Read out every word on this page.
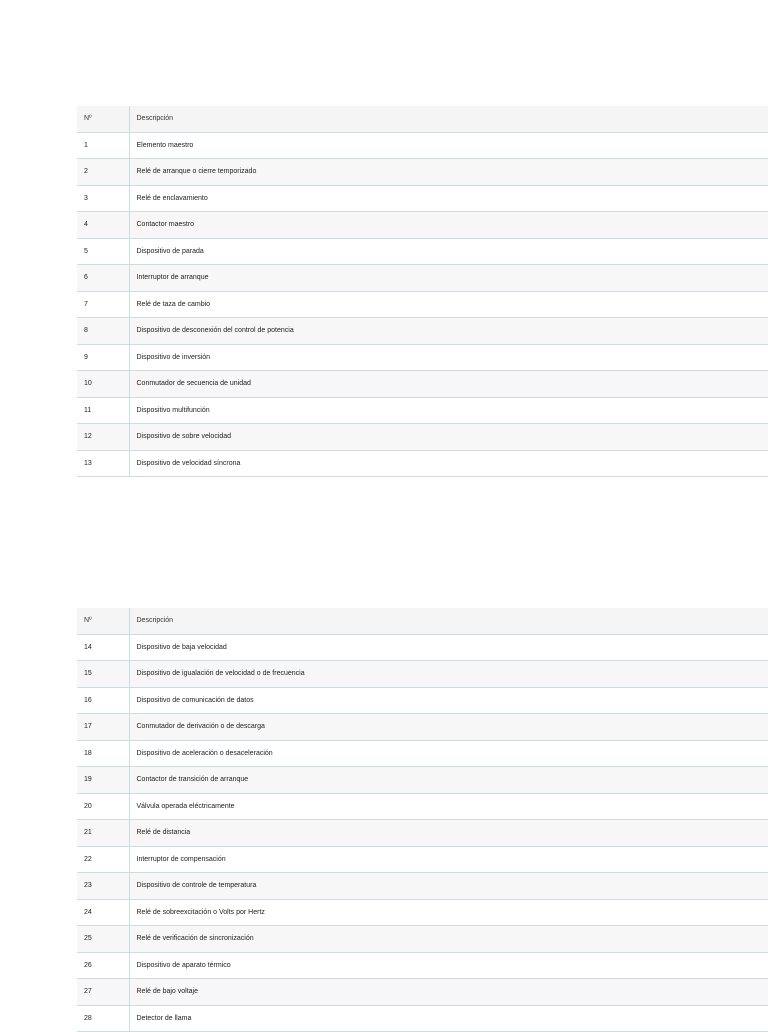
Nº	Descripción
1	Elemento maestro
2	Relé de arranque o cierre temporizado
3	Relé de enclavamiento
4	Contactor maestro
5	Dispositivo de parada
6	Interruptor de arranque
7	Relé de taza de cambio
8	Dispositivo de desconexión del control de potencia
9	Dispositivo de inversión
10	Conmutador de secuencia de unidad
11	Dispositivo multifunción
12	Dispositivo de sobre velocidad
13	Dispositivo de velocidad síncrona
Nº	Descripción
14	Dispositivo de baja velocidad
15	Dispositivo de igualación de velocidad o de frecuencia
16	Dispositivo de comunicación de datos
17	Conmutador de derivación o de descarga
18	Dispositivo de aceleración o desaceleración
19	Contactor de transición de arranque
20	Válvula operada eléctricamente
21	Relé de distancia
22	Interruptor de compensación
23	Dispositivo de controle de temperatura
24	Relé de sobreexcitación o Volts por Hertz
25	Relé de verificación de sincronización
26	Dispositivo de aparato térmico
27	Relé de bajo voltaje
28	Detector de llama
